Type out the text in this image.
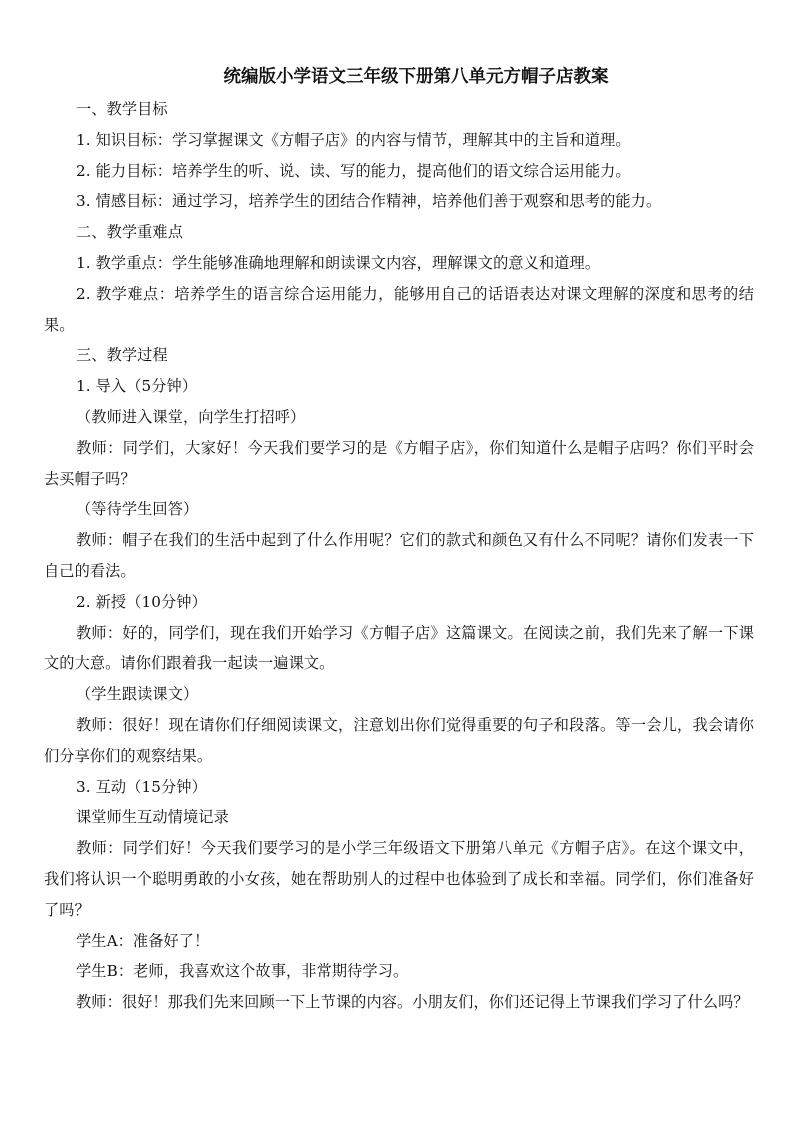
统编版小学语文三年级下册第八单元方帽子店教案

一、教学目标

1. 知识目标：学习掌握课文《方帽子店》的内容与情节，理解其中的主旨和道理。

2. 能力目标：培养学生的听、说、读、写的能力，提高他们的语文综合运用能力。

3. 情感目标：通过学习，培养学生的团结合作精神，培养他们善于观察和思考的能力。

二、教学重难点

1. 教学重点：学生能够准确地理解和朗读课文内容，理解课文的意义和道理。

2. 教学难点：培养学生的语言综合运用能力，能够用自己的话语表达对课文理解的深度和思考的结果。

三、教学过程

1. 导入（5分钟）

（教师进入课堂，向学生打招呼）

教师：同学们，大家好！今天我们要学习的是《方帽子店》，你们知道什么是帽子店吗？你们平时会去买帽子吗？

（等待学生回答）

教师：帽子在我们的生活中起到了什么作用呢？它们的款式和颜色又有什么不同呢？请你们发表一下自己的看法。

2. 新授（10分钟）

教师：好的，同学们，现在我们开始学习《方帽子店》这篇课文。在阅读之前，我们先来了解一下课文的大意。请你们跟着我一起读一遍课文。

（学生跟读课文）

教师：很好！现在请你们仔细阅读课文，注意划出你们觉得重要的句子和段落。等一会儿，我会请你们分享你们的观察结果。

3. 互动（15分钟）

课堂师生互动情境记录

教师：同学们好！今天我们要学习的是小学三年级语文下册第八单元《方帽子店》。在这个课文中，我们将认识一个聪明勇敢的小女孩，她在帮助别人的过程中也体验到了成长和幸福。同学们，你们准备好了吗？

学生A：准备好了！

学生B：老师，我喜欢这个故事，非常期待学习。

教师：很好！那我们先来回顾一下上节课的内容。小朋友们，你们还记得上节课我们学习了什么吗？
